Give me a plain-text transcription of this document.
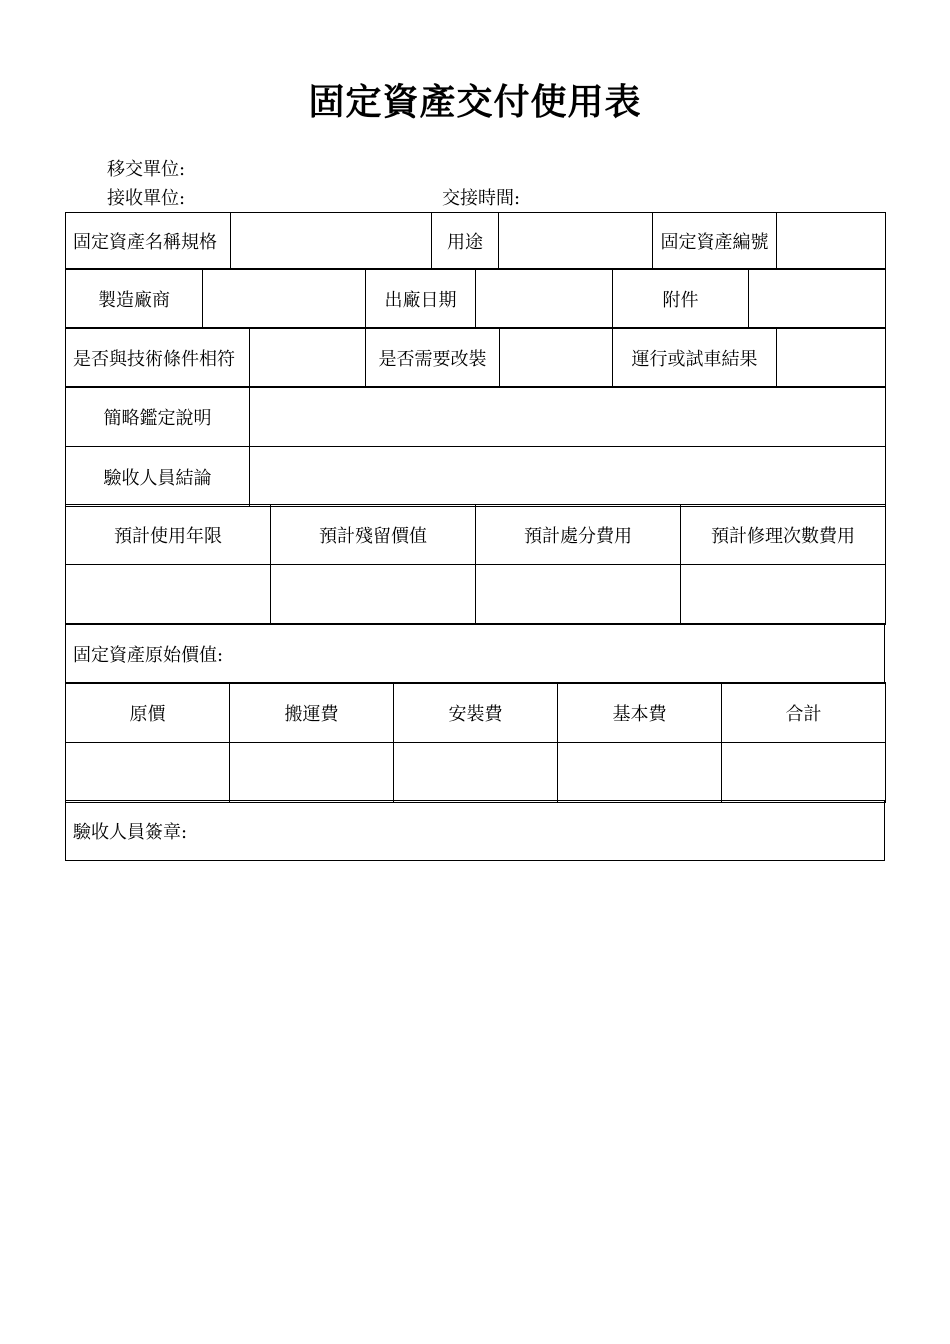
固定資產交付使用表
移交單位:
接收單位:	交接時間:
固定資產名稱規格		用途		固定資產編號	
製造廠商		出廠日期		附件	
是否與技術條件相符		是否需要改裝		運行或試車結果	
簡略鑑定說明	
驗收人員結論	
預計使用年限	預計殘留價值	預計處分費用	預計修理次數費用

固定資產原始價值:
原價	搬運費	安裝費	基本費	合計

驗收人員簽章:
